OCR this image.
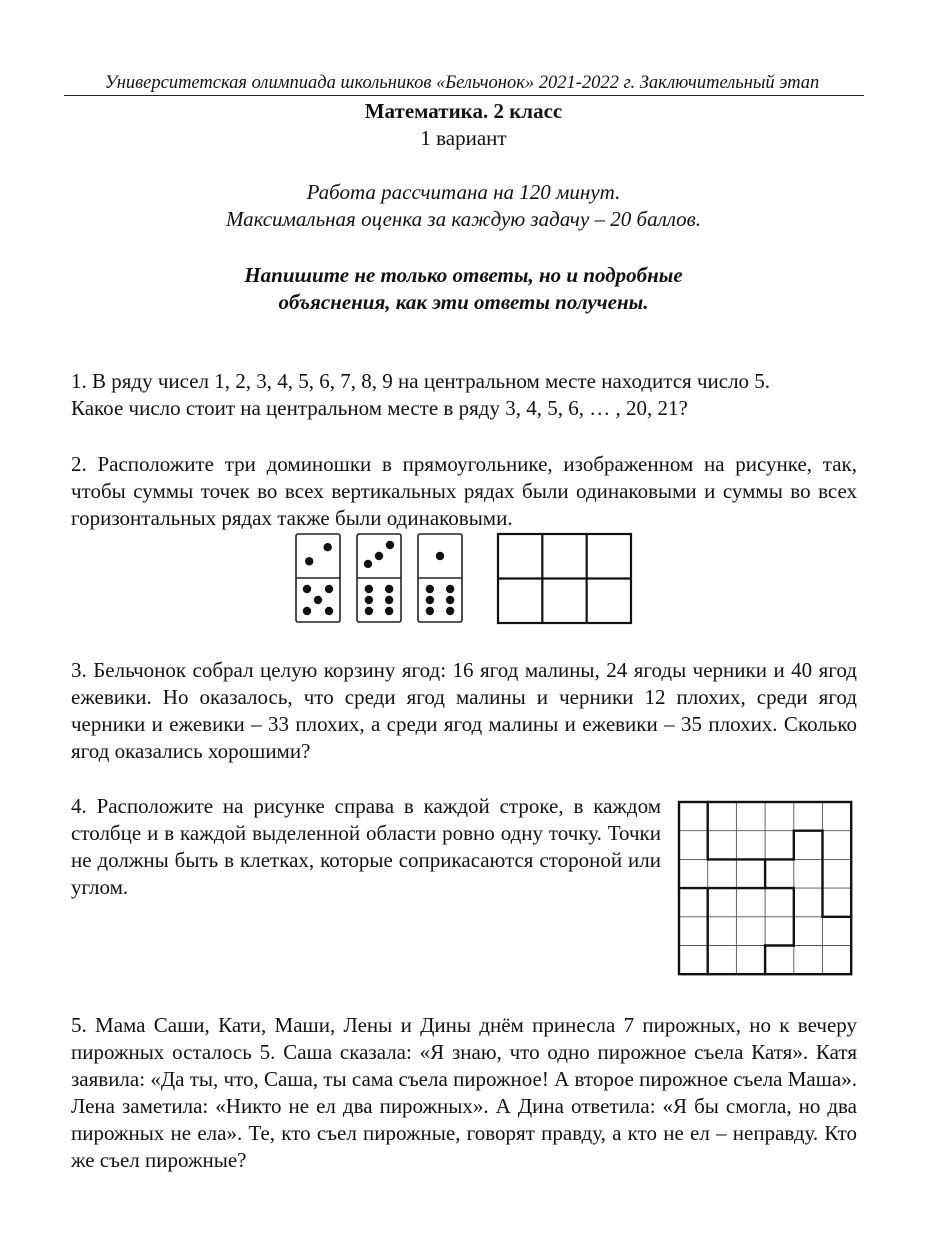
Университетская олимпиада школьников «Бельчонок» 2021-2022 г. Заключительный этап
Математика. 2 класс
1 вариант
Работа рассчитана на 120 минут.
Максимальная оценка за каждую задачу – 20 баллов.
Напишите не только ответы, но и подробные
объяснения, как эти ответы получены.

1. В ряду чисел 1, 2, 3, 4, 5, 6, 7, 8, 9 на центральном месте находится число 5.

Какое число стоит на центральном месте в ряду 3, 4, 5, 6, … , 20, 21?

2. Расположите три доминошки в прямоугольнике, изображенном на рисунке, так, чтобы суммы точек во всех вертикальных рядах были одинаковыми и суммы во всех горизонтальных рядах также были одинаковыми.

3. Бельчонок собрал целую корзину ягод: 16 ягод малины, 24 ягоды черники и 40 ягод ежевики. Но оказалось, что среди ягод малины и черники 12 плохих, среди ягод черники и ежевики – 33 плохих, а среди ягод малины и ежевики – 35 плохих. Сколько ягод оказались хорошими?

4. Расположите на рисунке справа в каждой строке, в каждом столбце и в каждой выделенной области ровно одну точку. Точки не должны быть в клетках, которые соприкасаются стороной или углом.

5. Мама Саши, Кати, Маши, Лены и Дины днём принесла 7 пирожных, но к вечеру пирожных осталось 5. Саша сказала: «Я знаю, что одно пирожное съела Катя». Катя заявила: «Да ты, что, Саша, ты сама съела пирожное! А второе пирожное съела Маша». Лена заметила: «Никто не ел два пирожных». А Дина ответила: «Я бы смогла, но два пирожных не ела». Те, кто съел пирожные, говорят правду, а кто не ел – неправду. Кто же съел пирожные?
